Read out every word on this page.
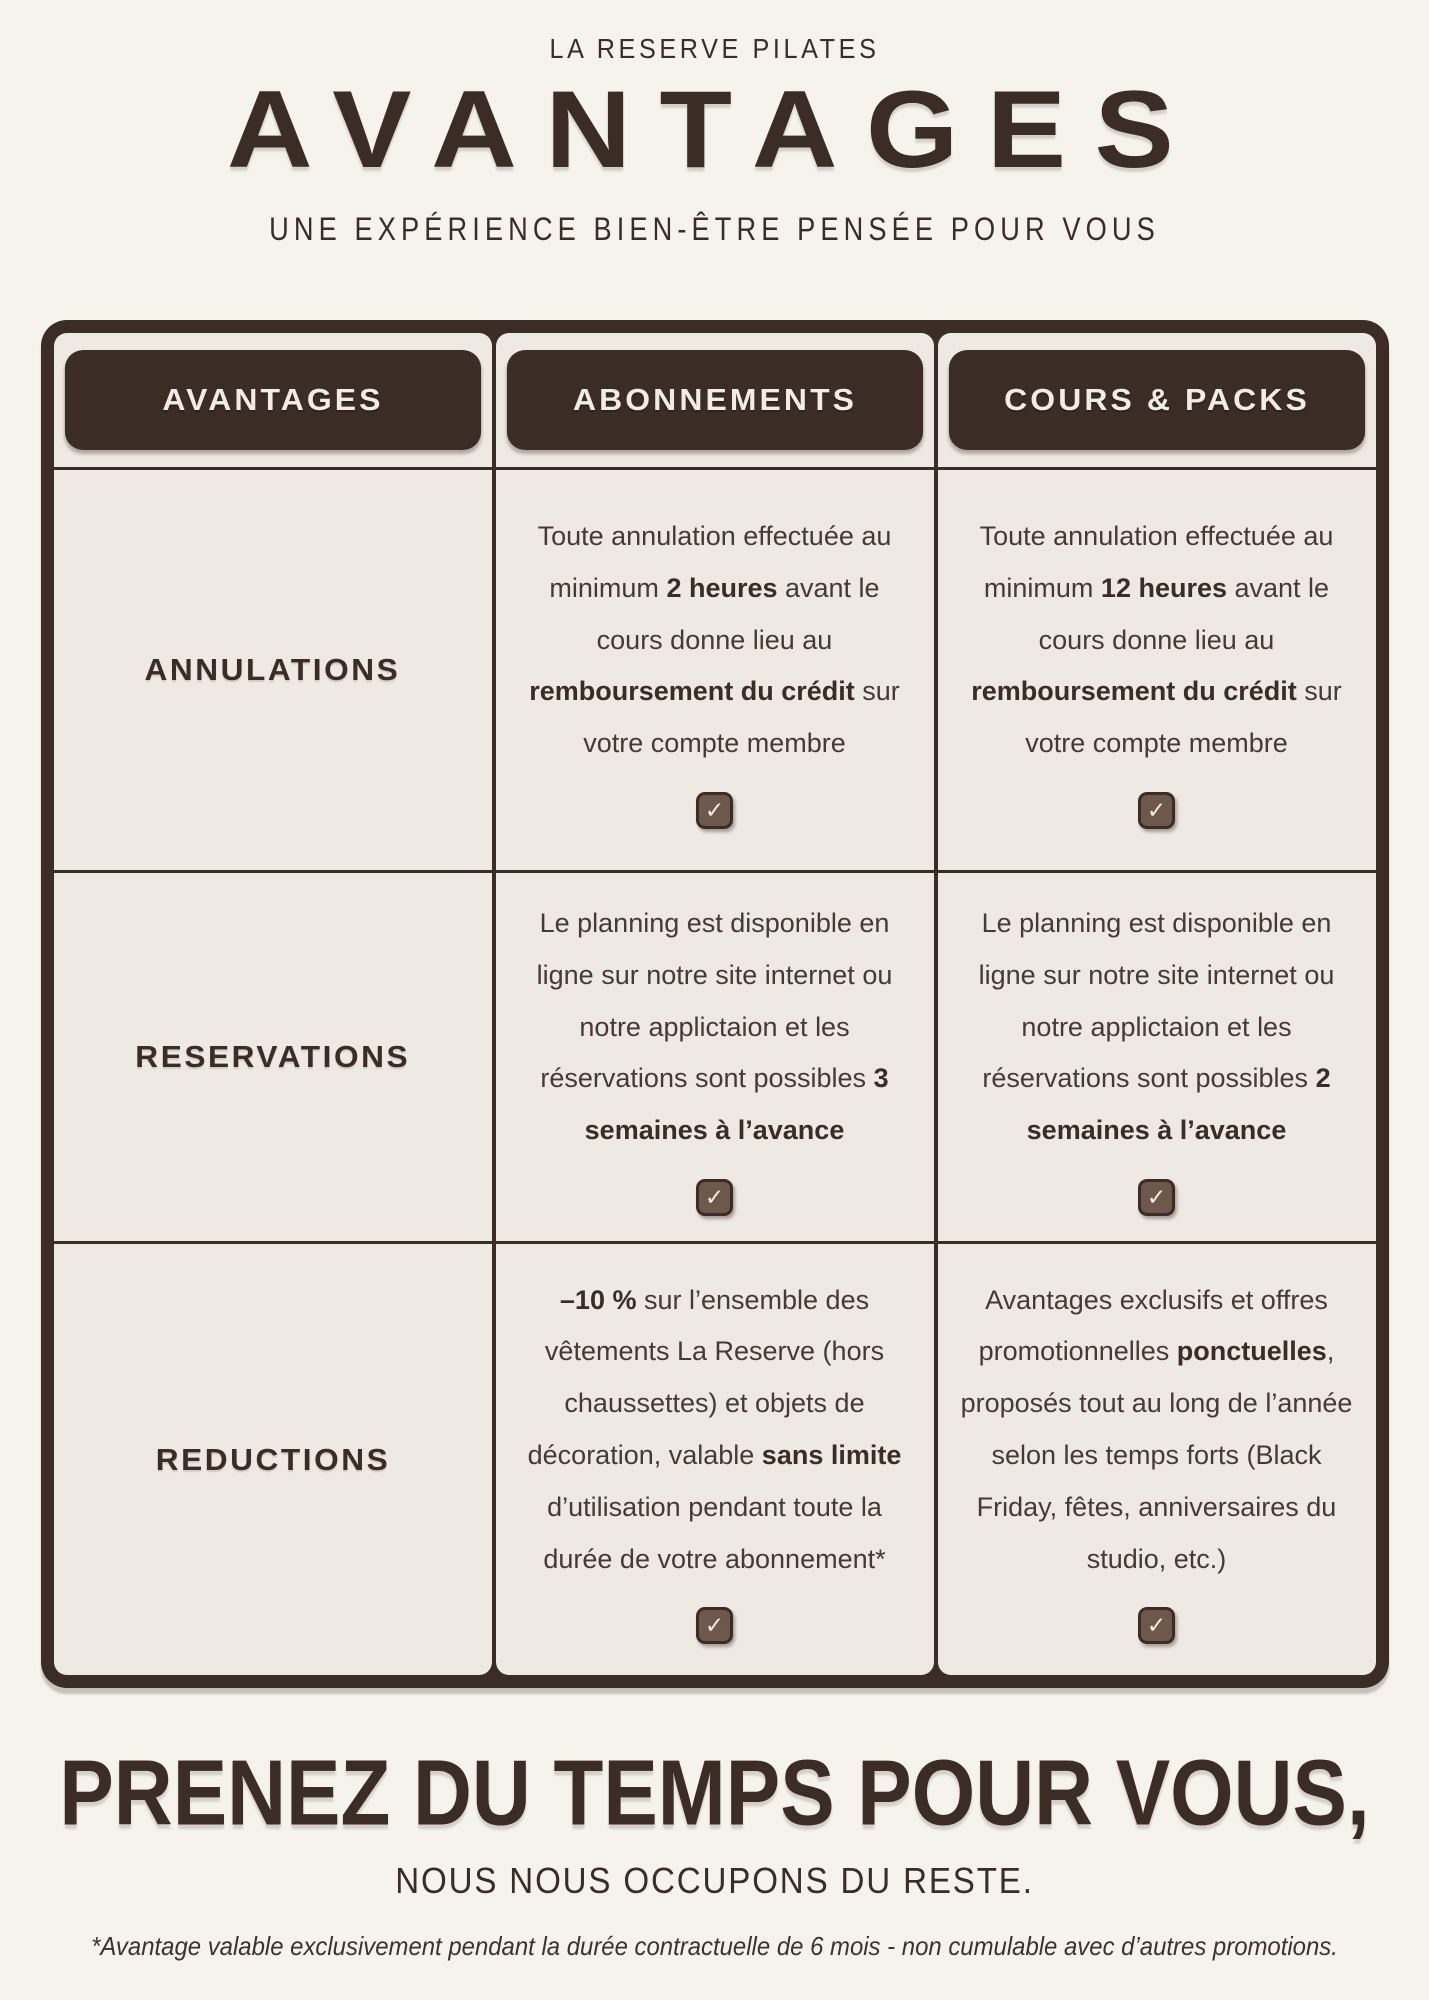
LA RESERVE PILATES
AVANTAGES
UNE EXPÉRIENCE BIEN-ÊTRE PENSÉE POUR VOUS
AVANTAGES
ANNULATIONS
RESERVATIONS
REDUCTIONS
ABONNEMENTS

Toute annulation effectuée au minimum 2 heures avant le cours donne lieu au remboursement du crédit sur votre compte membre

✓

Le planning est disponible en ligne sur notre site internet ou notre applictaion et les réservations sont possibles 3 semaines à l’avance

✓

–10 % sur l’ensemble des vêtements La Reserve (hors chaussettes) et objets de décoration, valable sans limite d’utilisation pendant toute la durée de votre abonnement*

✓
COURS & PACKS

Toute annulation effectuée au minimum 12 heures avant le cours donne lieu au remboursement du crédit sur votre compte membre

✓

Le planning est disponible en ligne sur notre site internet ou notre applictaion et les réservations sont possibles 2 semaines à l’avance

✓

Avantages exclusifs et offres promotionnelles ponctuelles, proposés tout au long de l’année selon les temps forts (Black Friday, fêtes, anniversaires du studio, etc.)

✓
PRENEZ DU TEMPS POUR VOUS,
NOUS NOUS OCCUPONS DU RESTE.
*Avantage valable exclusivement pendant la durée contractuelle de 6 mois - non cumulable avec d’autres promotions.
